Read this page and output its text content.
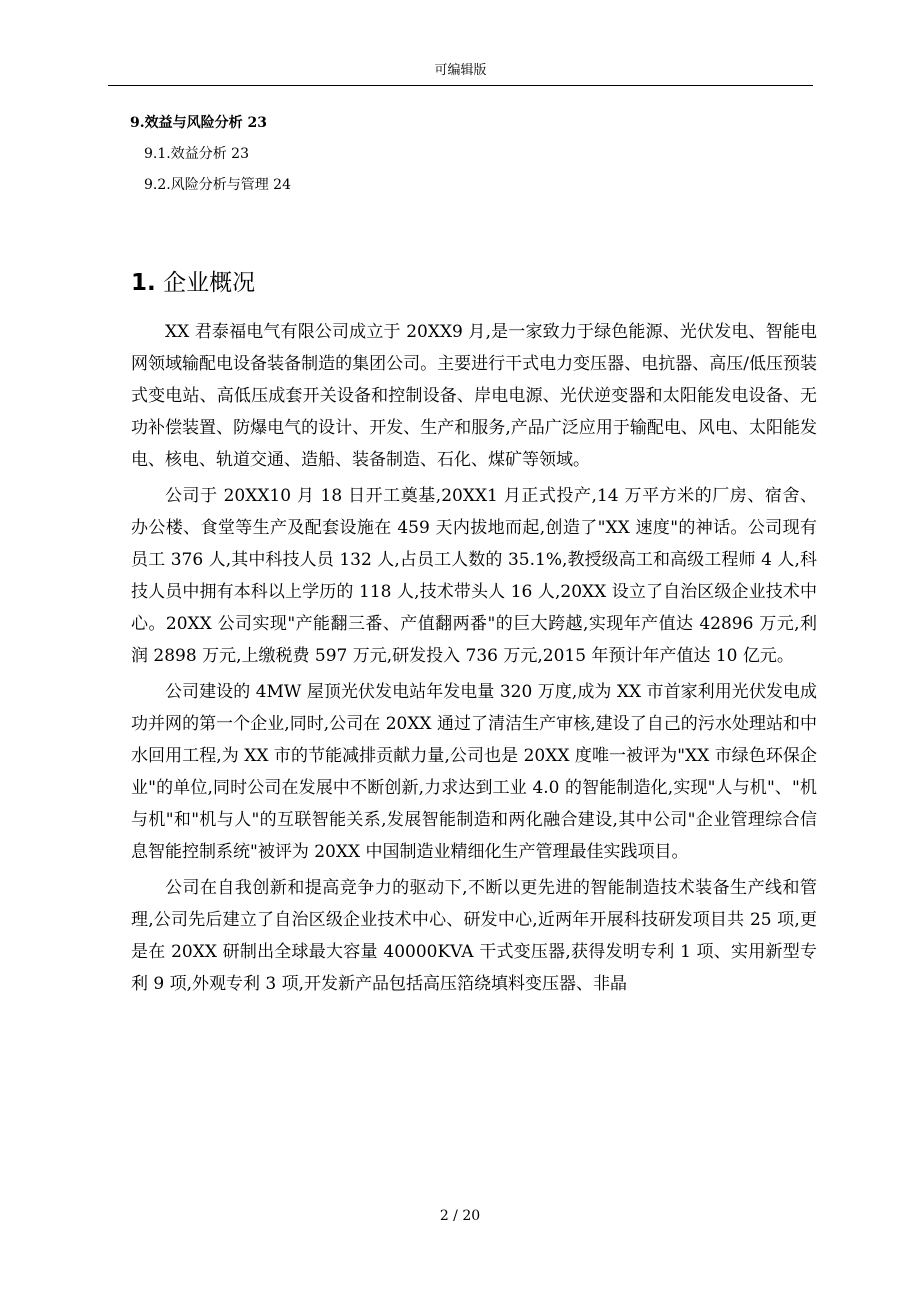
可编辑版
9.效益与风险分析 23
9.1.效益分析 23
9.2.风险分析与管理 24
1. 企业概况

XX 君泰福电气有限公司成立于 20XX9 月,是一家致力于绿色能源、光伏发电、智能电网领域输配电设备装备制造的集团公司。主要进行干式电力变压器、电抗器、高压/低压预装式变电站、高低压成套开关设备和控制设备、岸电电源、光伏逆变器和太阳能发电设备、无功补偿装置、防爆电气的设计、开发、生产和服务,产品广泛应用于输配电、风电、太阳能发电、核电、轨道交通、造船、装备制造、石化、煤矿等领域。

公司于 20XX10 月 18 日开工奠基,20XX1 月正式投产,14 万平方米的厂房、宿舍、办公楼、食堂等生产及配套设施在 459 天内拔地而起,创造了"XX 速度"的神话。公司现有员工 376 人,其中科技人员 132 人,占员工人数的 35.1%,教授级高工和高级工程师 4 人,科技人员中拥有本科以上学历的 118 人,技术带头人 16 人,20XX 设立了自治区级企业技术中心。20XX 公司实现"产能翻三番、产值翻两番"的巨大跨越,实现年产值达 42896 万元,利润 2898 万元,上缴税费 597 万元,研发投入 736 万元,2015 年预计年产值达 10 亿元。

公司建设的 4MW 屋顶光伏发电站年发电量 320 万度,成为 XX 市首家利用光伏发电成功并网的第一个企业,同时,公司在 20XX 通过了清洁生产审核,建设了自己的污水处理站和中水回用工程,为 XX 市的节能减排贡献力量,公司也是 20XX 度唯一被评为"XX 市绿色环保企业"的单位,同时公司在发展中不断创新,力求达到工业 4.0 的智能制造化,实现"人与机"、"机与机"和"机与人"的互联智能关系,发展智能制造和两化融合建设,其中公司"企业管理综合信息智能控制系统"被评为 20XX 中国制造业精细化生产管理最佳实践项目。

公司在自我创新和提高竞争力的驱动下,不断以更先进的智能制造技术装备生产线和管理,公司先后建立了自治区级企业技术中心、研发中心,近两年开展科技研发项目共 25 项,更是在 20XX 研制出全球最大容量 40000KVA 干式变压器,获得发明专利 1 项、实用新型专利 9 项,外观专利 3 项,开发新产品包括高压箔绕填料变压器、非晶

2 / 20
